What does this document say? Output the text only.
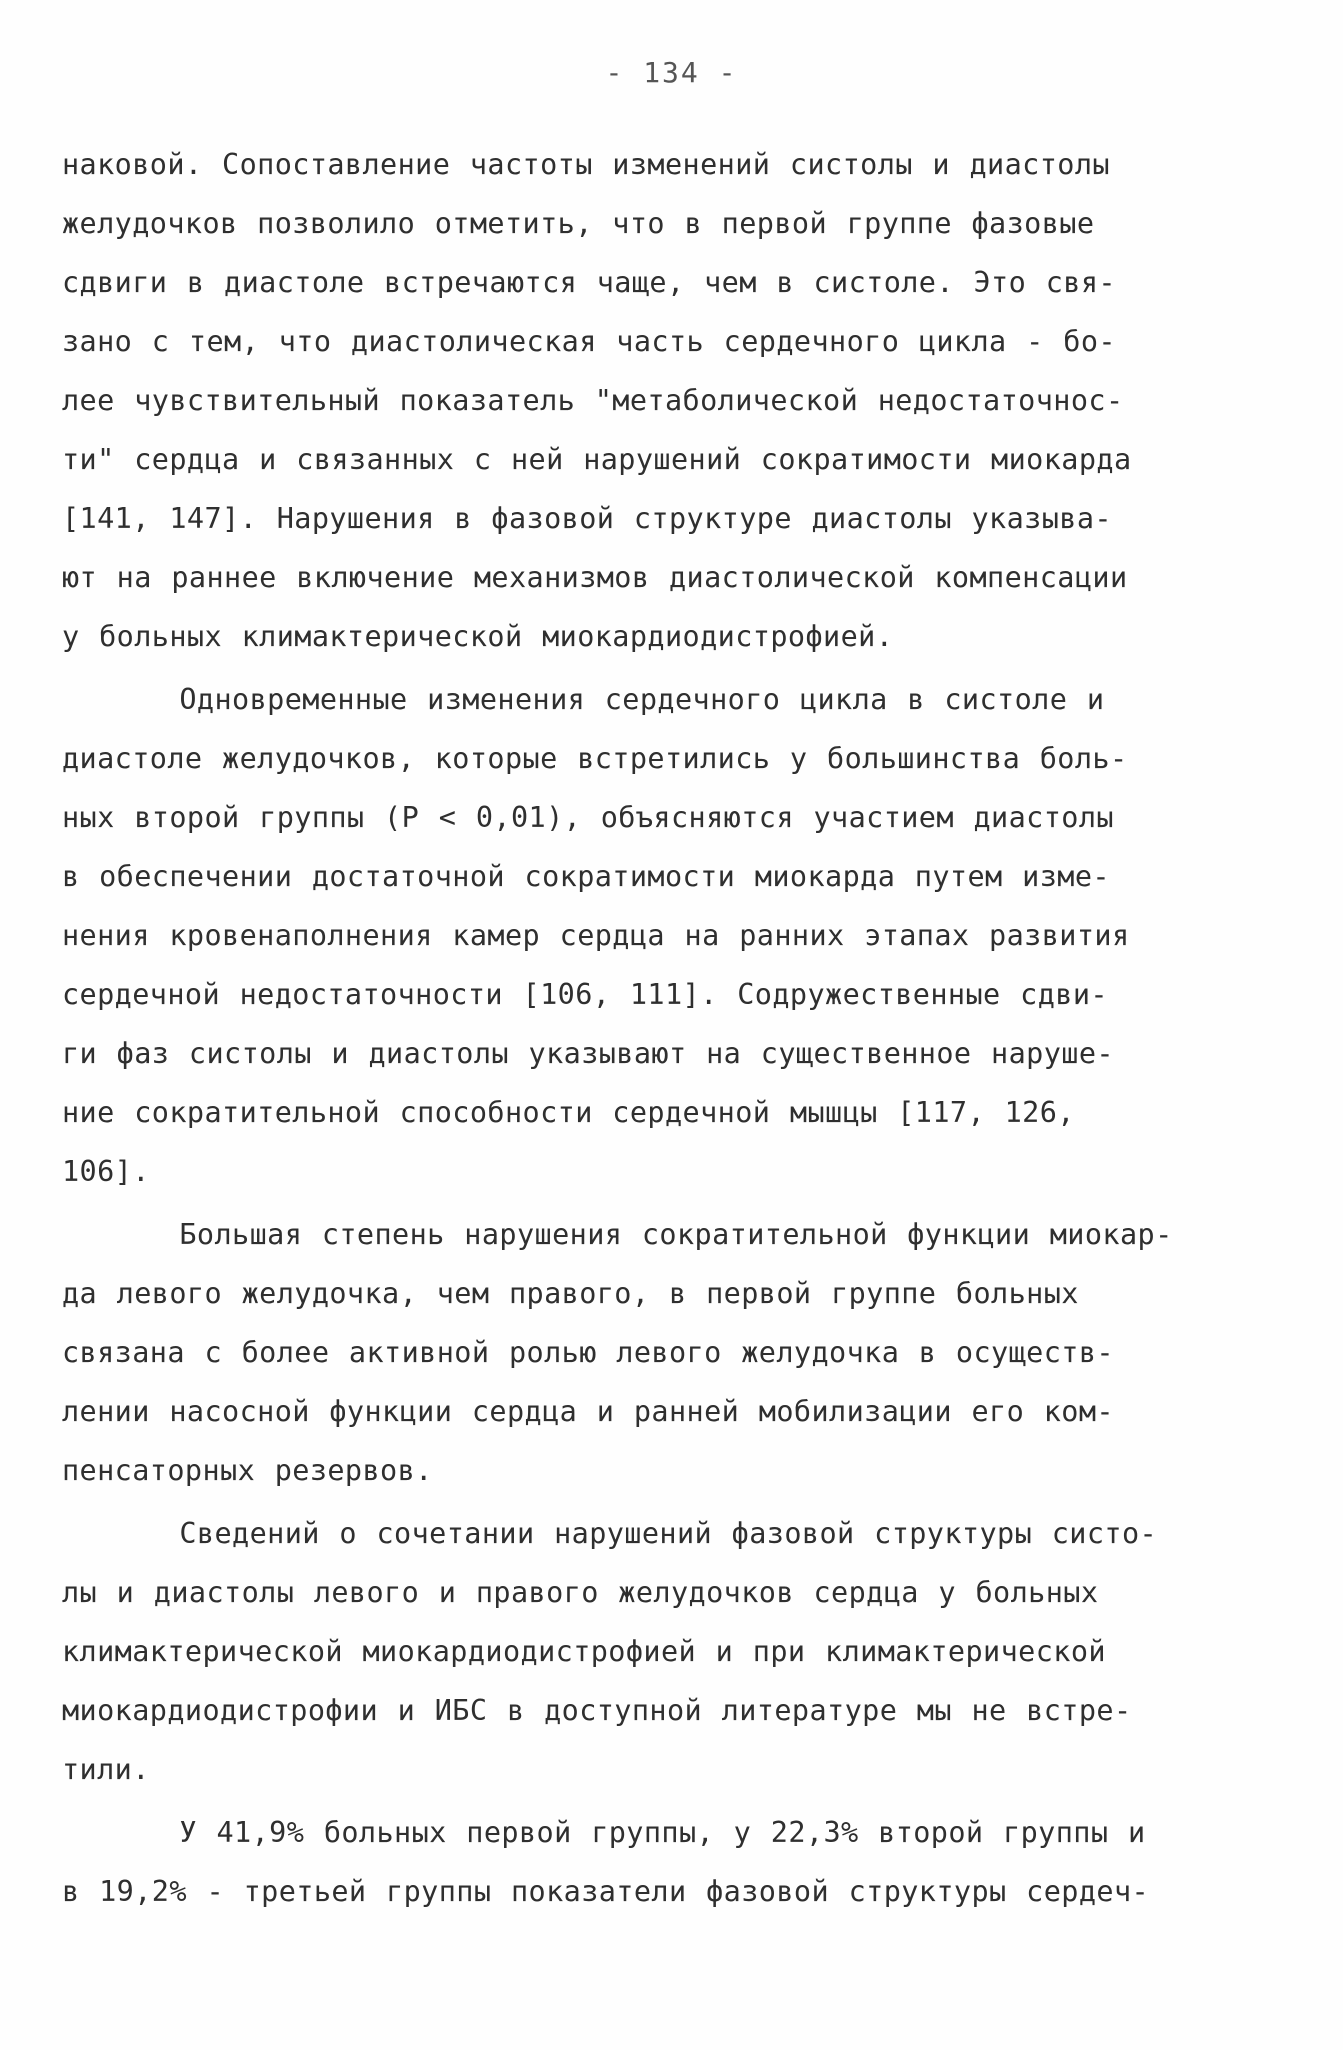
- 134 -
наковой. Сопоставление частоты изменений систолы и диастолы
желудочков позволило отметить, что в первой группе фазовые
сдвиги в диастоле встречаются чаще, чем в систоле. Это свя-
зано с тем, что диастолическая часть сердечного цикла - бо-
лее чувствительный показатель "метаболической недостаточнос-
ти" сердца и связанных с ней нарушений сократимости миокарда
[141, 147]. Нарушения в фазовой структуре диастолы указыва-
ют на раннее включение механизмов диастолической компенсации
у больных климактерической миокардиодистрофией.
Одновременные изменения сердечного цикла в систоле и
диастоле желудочков, которые встретились у большинства боль-
ных второй группы (Р < 0,01), объясняются участием диастолы
в обеспечении достаточной сократимости миокарда путем изме-
нения кровенаполнения камер сердца на ранних этапах развития
сердечной недостаточности [106, 111]. Содружественные сдви-
ги фаз систолы и диастолы указывают на существенное наруше-
ние сократительной способности сердечной мышцы [117, 126,
106].
Большая степень нарушения сократительной функции миокар-
да левого желудочка, чем правого, в первой группе больных
связана с более активной ролью левого желудочка в осуществ-
лении насосной функции сердца и ранней мобилизации его ком-
пенсаторных резервов.
Сведений о сочетании нарушений фазовой структуры систо-
лы и диастолы левого и правого желудочков сердца у больных
климактерической миокардиодистрофией и при климактерической
миокардиодистрофии и ИБС в доступной литературе мы не встре-
тили.
У 41,9% больных первой группы, у 22,3% второй группы и
в 19,2% - третьей группы показатели фазовой структуры сердеч-
